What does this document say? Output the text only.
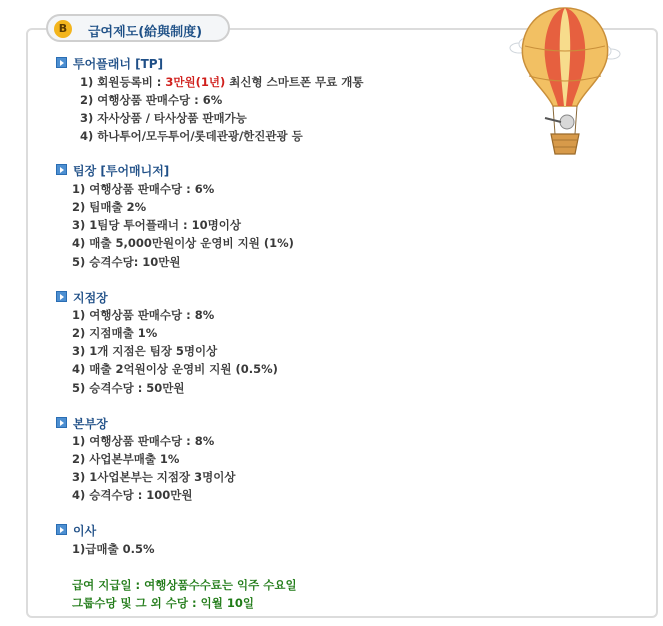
B	급여제도(給與制度)
투어플래너 [TP]
1) 회원등록비 : 3만원(1년) 최신형 스마트폰 무료 개통
2) 여행상품 판매수당 : 6%
3) 자사상품 / 타사상품 판매가능
4) 하나투어/모두투어/롯데관광/한진관광 등
팀장 [투어매니저]
1) 여행상품 판매수당 : 6%
2) 팀매출 2%
3) 1팀당 투어플래너 : 10명이상
4) 매출 5,000만원이상 운영비 지원 (1%)
5) 승격수당: 10만원
지점장
1) 여행상품 판매수당 : 8%
2) 지점매출 1%
3) 1개 지점은 팀장 5명이상
4) 매출 2억원이상 운영비 지원 (0.5%)
5) 승격수당 : 50만원
본부장
1) 여행상품 판매수당 : 8%
2) 사업본부매출 1%
3) 1사업본부는 지점장 3명이상
4) 승격수당 : 100만원
이사
1)급매출 0.5%
급여 지급일 : 여행상품수수료는 익주 수요일
그룹수당 및 그 외 수당 : 익월 10일
